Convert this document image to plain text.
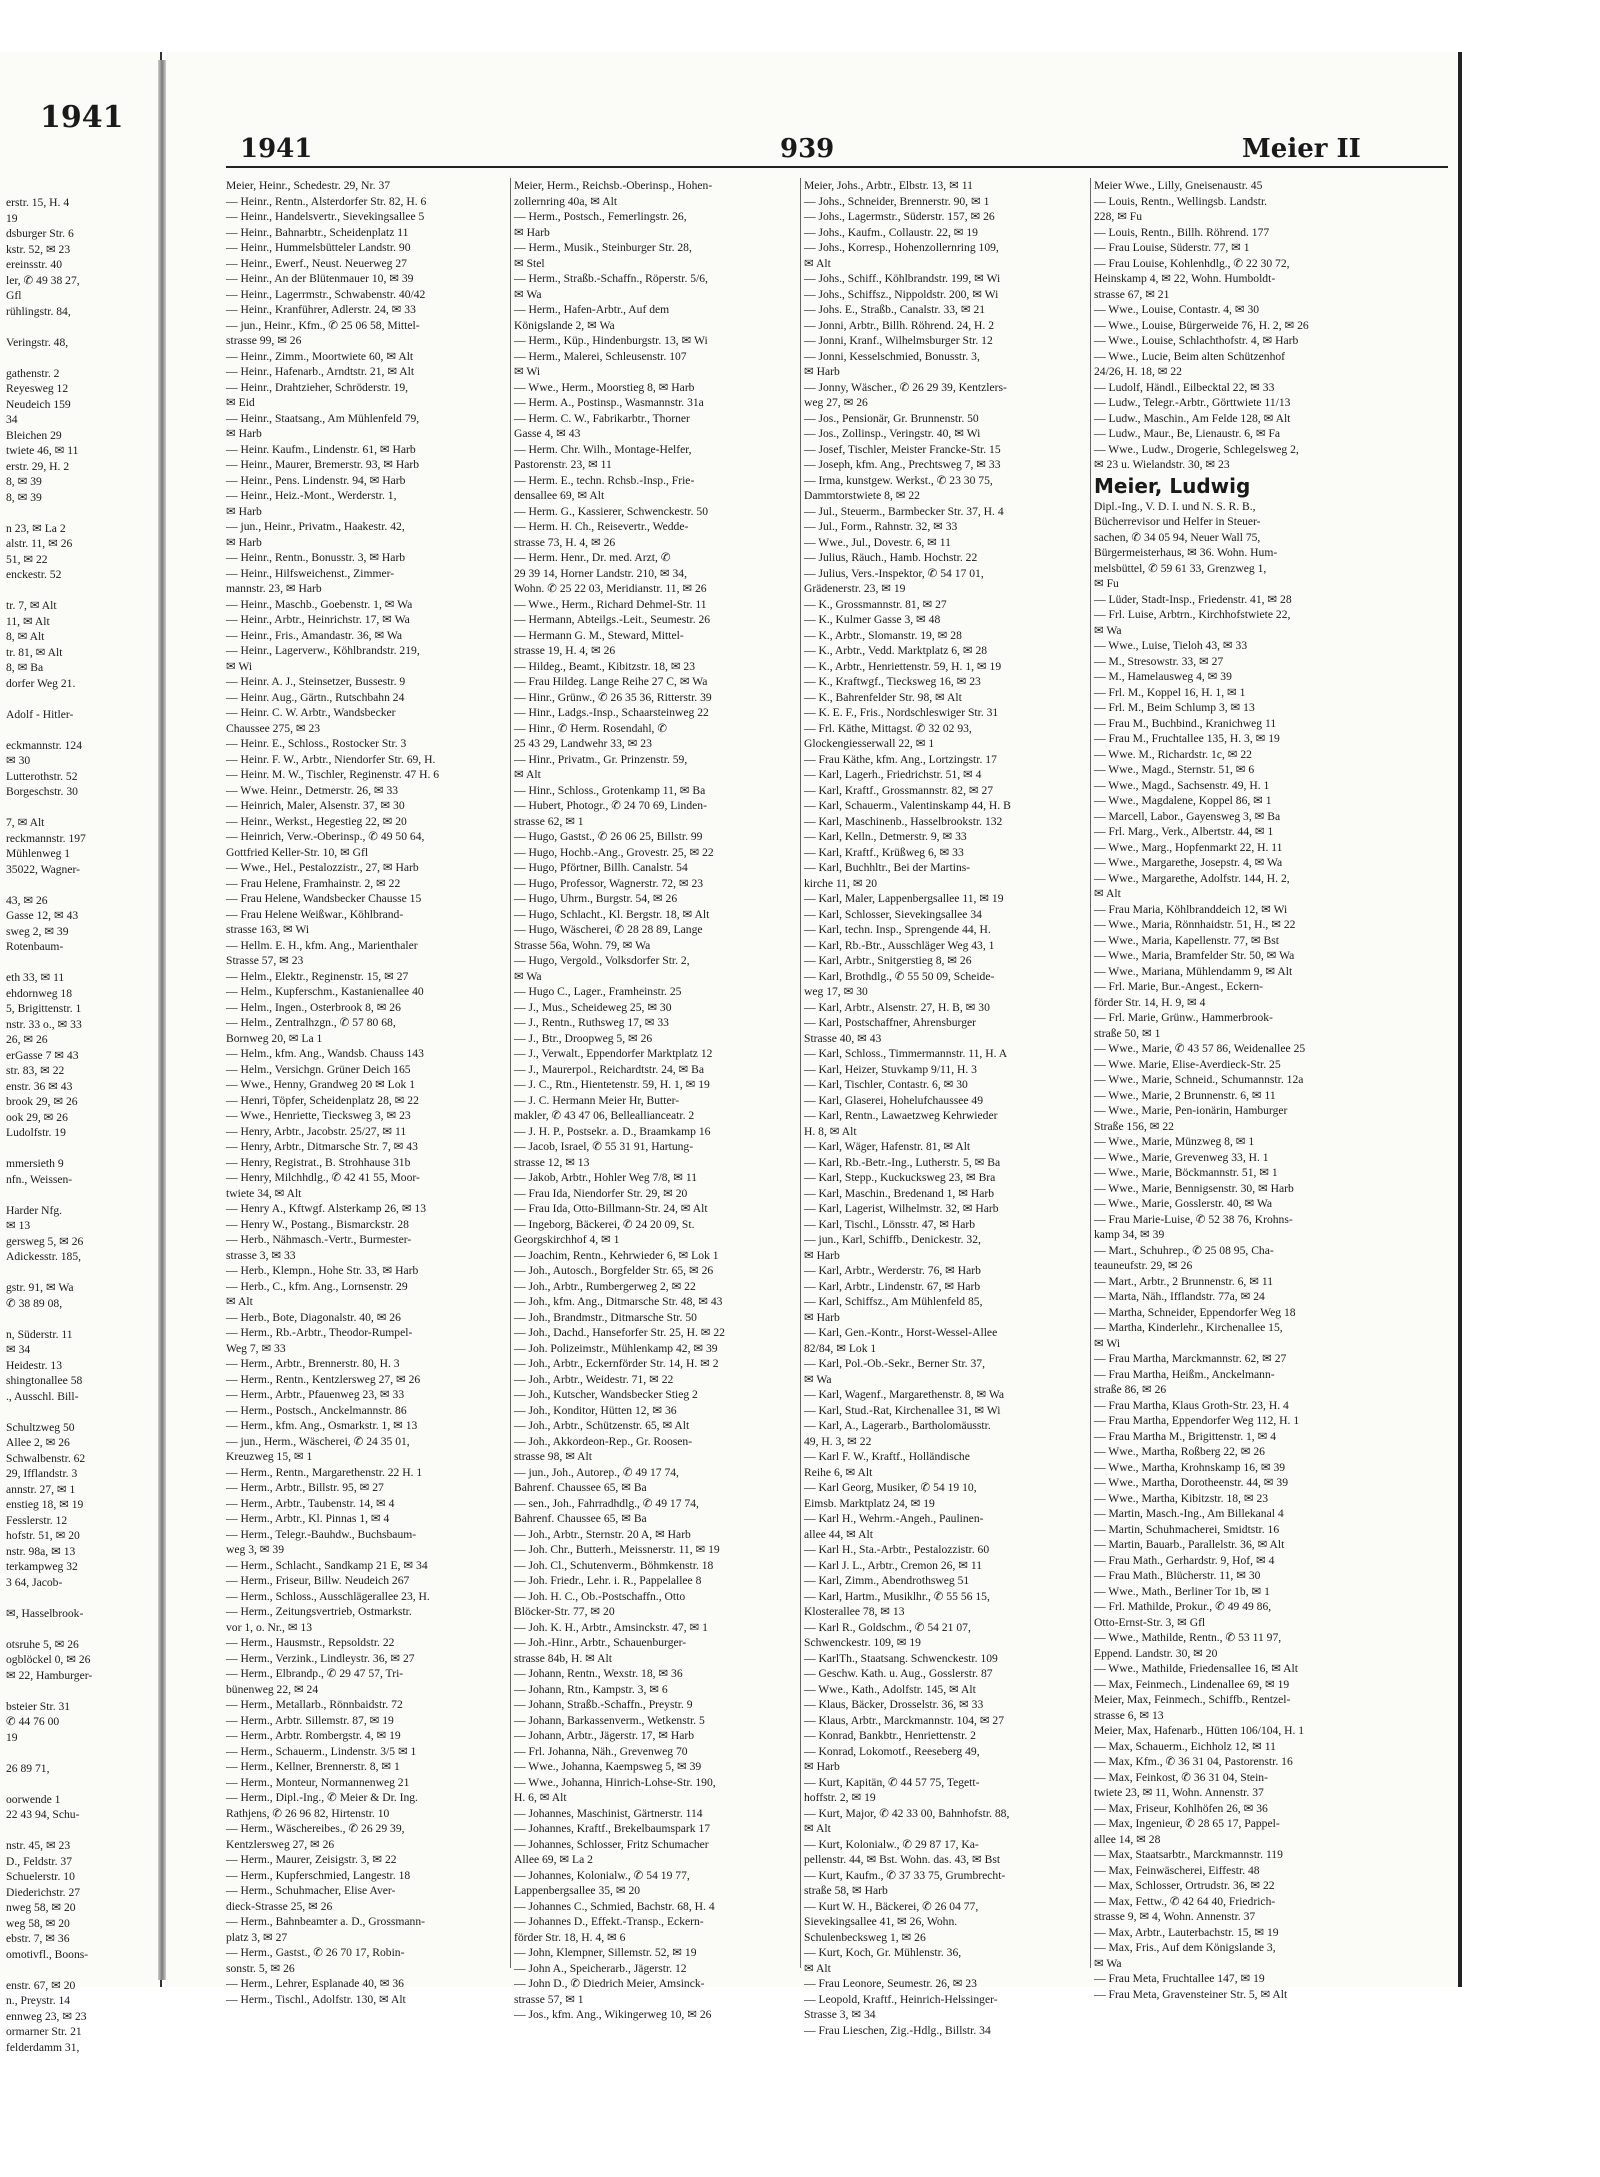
1941
erstr. 15, H. 4
19
dsburger Str. 6
kstr. 52, ✉ 23
ereinsstr. 40
ler, ✆ 49 38 27,
Gfl
rühlingstr. 84,

Veringstr. 48,

gathenstr. 2
Reyesweg 12
Neudeich 159
34
Bleichen 29
twiete 46, ✉ 11
erstr. 29, H. 2
8, ✉ 39
8, ✉ 39

n 23, ✉ La 2
alstr. 11, ✉ 26
51, ✉ 22
enckestr. 52

tr. 7, ✉ Alt
11, ✉ Alt
8, ✉ Alt
tr. 81, ✉ Alt
8, ✉ Ba
dorfer Weg 21.

Adolf - Hitler-

eckmannstr. 124
✉ 30
Lutterothstr. 52
Borgeschstr. 30

7, ✉ Alt
reckmannstr. 197
Mühlenweg 1
35022, Wagner-

43, ✉ 26
Gasse 12, ✉ 43
sweg 2, ✉ 39
Rotenbaum-

eth 33, ✉ 11
ehdornweg 18
5, Brigittenstr. 1
nstr. 33 o., ✉ 33
26, ✉ 26
erGasse 7 ✉ 43
str. 83, ✉ 22
enstr. 36 ✉ 43
brook 29, ✉ 26
ook 29, ✉ 26
Ludolfstr. 19

mmersieth 9
nfn., Weissen-

Harder Nfg.
✉ 13
gersweg 5, ✉ 26
Adickesstr. 185,

gstr. 91, ✉ Wa
✆ 38 89 08,

n, Süderstr. 11
✉ 34
Heidestr. 13
shingtonallee 58
., Ausschl. Bill-

Schultzweg 50
Allee 2, ✉ 26
Schwalbenstr. 62
29, Ifflandstr. 3
annstr. 27, ✉ 1
enstieg 18, ✉ 19
Fesslerstr. 12
hofstr. 51, ✉ 20
nstr. 98a, ✉ 13
terkampweg 32
3 64, Jacob-

✉, Hasselbrook-

otsruhe 5, ✉ 26
ogblöckel 0, ✉ 26
✉ 22, Hamburger-

bsteier Str. 31
✆ 44 76 00
19

26 89 71,

oorwende 1
22 43 94, Schu-

nstr. 45, ✉ 23
D., Feldstr. 37
Schuelerstr. 10
Diederichstr. 27
nweg 58, ✉ 20
weg 58, ✉ 20
ebstr. 7, ✉ 36
omotivfl., Boons-

enstr. 67, ✉ 20
n., Preystr. 14
ennweg 23, ✉ 23
ormarner Str. 21
felderdamm 31,
1941	939	Meier II
Meier, Heinr., Schedestr. 29, Nr. 37
— Heinr., Rentn., Alsterdorfer Str. 82, H. 6
— Heinr., Handelsvertr., Sievekingsallee 5
— Heinr., Bahnarbtr., Scheidenplatz 11
— Heinr., Hummelsbütteler Landstr. 90
— Heinr., Ewerf., Neust. Neuerweg 27
— Heinr., An der Blütenmauer 10, ✉ 39
— Heinr., Lagerrmstr., Schwabenstr. 40/42
— Heinr., Kranführer, Adlerstr. 24, ✉ 33
— jun., Heinr., Kfm., ✆ 25 06 58, Mittel-
strasse 99, ✉ 26
— Heinr., Zimm., Moortwiete 60, ✉ Alt
— Heinr., Hafenarb., Arndtstr. 21, ✉ Alt
— Heinr., Drahtzieher, Schröderstr. 19,
✉ Eid
— Heinr., Staatsang., Am Mühlenfeld 79,
✉ Harb
— Heinr. Kaufm., Lindenstr. 61, ✉ Harb
— Heinr., Maurer, Bremerstr. 93, ✉ Harb
— Heinr., Pens. Lindenstr. 94, ✉ Harb
— Heinr., Heiz.-Mont., Werderstr. 1,
✉ Harb
— jun., Heinr., Privatm., Haakestr. 42,
✉ Harb
— Heinr., Rentn., Bonusstr. 3, ✉ Harb
— Heinr., Hilfsweichenst., Zimmer-
mannstr. 23, ✉ Harb
— Heinr., Maschb., Goebenstr. 1, ✉ Wa
— Heinr., Arbtr., Heinrichstr. 17, ✉ Wa
— Heinr., Fris., Amandastr. 36, ✉ Wa
— Heinr., Lagerverw., Köhlbrandstr. 219,
✉ Wi
— Heinr. A. J., Steinsetzer, Bussestr. 9
— Heinr. Aug., Gärtn., Rutschbahn 24
— Heinr. C. W. Arbtr., Wandsbecker
Chaussee 275, ✉ 23
— Heinr. E., Schloss., Rostocker Str. 3
— Heinr. F. W., Arbtr., Niendorfer Str. 69, H.
— Heinr. M. W., Tischler, Reginenstr. 47 H. 6
— Wwe. Heinr., Detmerstr. 26, ✉ 33
— Heinrich, Maler, Alsenstr. 37, ✉ 30
— Heinr., Werkst., Hegestieg 22, ✉ 20
— Heinrich, Verw.-Oberinsp., ✆ 49 50 64,
Gottfried Keller-Str. 10, ✉ Gfl
— Wwe., Hel., Pestalozzistr., 27, ✉ Harb
— Frau Helene, Framhainstr. 2, ✉ 22
— Frau Helene, Wandsbecker Chausse 15
— Frau Helene Weißwar., Köhlbrand-
strasse 163, ✉ Wi
— Hellm. E. H., kfm. Ang., Marienthaler
Strasse 57, ✉ 23
— Helm., Elektr., Reginenstr. 15, ✉ 27
— Helm., Kupferschm., Kastanienallee 40
— Helm., Ingen., Osterbrook 8, ✉ 26
— Helm., Zentralhzgn., ✆ 57 80 68,
Bornweg 20, ✉ La 1
— Helm., kfm. Ang., Wandsb. Chauss 143
— Helm., Versichgn. Grüner Deich 165
— Wwe., Henny, Grandweg 20 ✉ Lok 1
— Henri, Töpfer, Scheidenplatz 28, ✉ 22
— Wwe., Henriette, Tiecksweg 3, ✉ 23
— Henry, Arbtr., Jacobstr. 25/27, ✉ 11
— Henry, Arbtr., Ditmarsche Str. 7, ✉ 43
— Henry, Registrat., B. Strohhause 31b
— Henry, Milchhdlg., ✆ 42 41 55, Moor-
twiete 34, ✉ Alt
— Henry A., Kftwgf. Alsterkamp 26, ✉ 13
— Henry W., Postang., Bismarckstr. 28
— Herb., Nähmasch.-Vertr., Burmester-
strasse 3, ✉ 33
— Herb., Klempn., Hohe Str. 33, ✉ Harb
— Herb., C., kfm. Ang., Lornsenstr. 29
✉ Alt
— Herb., Bote, Diagonalstr. 40, ✉ 26
— Herm., Rb.-Arbtr., Theodor-Rumpel-
Weg 7, ✉ 33
— Herm., Arbtr., Brennerstr. 80, H. 3
— Herm., Rentn., Kentzlersweg 27, ✉ 26
— Herm., Arbtr., Pfauenweg 23, ✉ 33
— Herm., Postsch., Anckelmannstr. 86
— Herm., kfm. Ang., Osmarkstr. 1, ✉ 13
— jun., Herm., Wäscherei, ✆ 24 35 01,
Kreuzweg 15, ✉ 1
— Herm., Rentn., Margarethenstr. 22 H. 1
— Herm., Arbtr., Billstr. 95, ✉ 27
— Herm., Arbtr., Taubenstr. 14, ✉ 4
— Herm., Arbtr., Kl. Pinnas 1, ✉ 4
— Herm., Telegr.-Bauhdw., Buchsbaum-
weg 3, ✉ 39
— Herm., Schlacht., Sandkamp 21 E, ✉ 34
— Herm., Friseur, Billw. Neudeich 267
— Herm., Schloss., Ausschlägerallee 23, H.
— Herm., Zeitungsvertrieb, Ostmarkstr.
vor 1, o. Nr., ✉ 13
— Herm., Hausmstr., Repsoldstr. 22
— Herm., Verzink., Lindleystr. 36, ✉ 27
— Herm., Elbrandp., ✆ 29 47 57, Tri-
bünenweg 22, ✉ 24
— Herm., Metallarb., Rönnbaidstr. 72
— Herm., Arbtr. Sillemstr. 87, ✉ 19
— Herm., Arbtr. Rombergstr. 4, ✉ 19
— Herm., Schauerm., Lindenstr. 3/5 ✉ 1
— Herm., Kellner, Brennerstr. 8, ✉ 1
— Herm., Monteur, Normannenweg 21
— Herm., Dipl.-Ing., ✆ Meier & Dr. Ing.
Rathjens, ✆ 26 96 82, Hirtenstr. 10
— Herm., Wäschereibes., ✆ 26 29 39,
Kentzlersweg 27, ✉ 26
— Herm., Maurer, Zeisigstr. 3, ✉ 22
— Herm., Kupferschmied, Langestr. 18
— Herm., Schuhmacher, Elise Aver-
dieck-Strasse 25, ✉ 26
— Herm., Bahnbeamter a. D., Grossmann-
platz 3, ✉ 27
— Herm., Gastst., ✆ 26 70 17, Robin-
sonstr. 5, ✉ 26
— Herm., Lehrer, Esplanade 40, ✉ 36
— Herm., Tischl., Adolfstr. 130, ✉ Alt
Meier, Herm., Reichsb.-Oberinsp., Hohen-
zollernring 40a, ✉ Alt
— Herm., Postsch., Femerlingstr. 26,
✉ Harb
— Herm., Musik., Steinburger Str. 28,
✉ Stel
— Herm., Straßb.-Schaffn., Röperstr. 5/6,
✉ Wa
— Herm., Hafen-Arbtr., Auf dem
Königslande 2, ✉ Wa
— Herm., Küp., Hindenburgstr. 13, ✉ Wi
— Herm., Malerei, Schleusenstr. 107
✉ Wi
— Wwe., Herm., Moorstieg 8, ✉ Harb
— Herm. A., Postinsp., Wasmannstr. 31a
— Herm. C. W., Fabrikarbtr., Thorner
Gasse 4, ✉ 43
— Herm. Chr. Wilh., Montage-Helfer,
Pastorenstr. 23, ✉ 11
— Herm. E., techn. Rchsb.-Insp., Frie-
densallee 69, ✉ Alt
— Herm. G., Kassierer, Schwenckestr. 50
— Herm. H. Ch., Reisevertr., Wedde-
strasse 73, H. 4, ✉ 26
— Herm. Henr., Dr. med. Arzt, ✆
29 39 14, Horner Landstr. 210, ✉ 34,
Wohn. ✆ 25 22 03, Meridianstr. 11, ✉ 26
— Wwe., Herm., Richard Dehmel-Str. 11
— Hermann, Abteilgs.-Leit., Seumestr. 26
— Hermann G. M., Steward, Mittel-
strasse 19, H. 4, ✉ 26
— Hildeg., Beamt., Kibitzstr. 18, ✉ 23
— Frau Hildeg. Lange Reihe 27 C, ✉ Wa
— Hinr., Grünw., ✆ 26 35 36, Ritterstr. 39
— Hinr., Ladgs.-Insp., Schaarsteinweg 22
— Hinr., ✆ Herm. Rosendahl, ✆
25 43 29, Landwehr 33, ✉ 23
— Hinr., Privatm., Gr. Prinzenstr. 59,
✉ Alt
— Hinr., Schloss., Grotenkamp 11, ✉ Ba
— Hubert, Photogr., ✆ 24 70 69, Linden-
strasse 62, ✉ 1
— Hugo, Gastst., ✆ 26 06 25, Billstr. 99
— Hugo, Hochb.-Ang., Grovestr. 25, ✉ 22
— Hugo, Pförtner, Billh. Canalstr. 54
— Hugo, Professor, Wagnerstr. 72, ✉ 23
— Hugo, Uhrm., Burgstr. 54, ✉ 26
— Hugo, Schlacht., Kl. Bergstr. 18, ✉ Alt
— Hugo, Wäscherei, ✆ 28 28 89, Lange
Strasse 56a, Wohn. 79, ✉ Wa
— Hugo, Vergold., Volksdorfer Str. 2,
✉ Wa
— Hugo C., Lager., Framheinstr. 25
— J., Mus., Scheideweg 25, ✉ 30
— J., Rentn., Ruthsweg 17, ✉ 33
— J., Btr., Droopweg 5, ✉ 26
— J., Verwalt., Eppendorfer Marktplatz 12
— J., Maurerpol., Reichardtstr. 24, ✉ Ba
— J. C., Rtn., Hientetenstr. 59, H. 1, ✉ 19
— J. C. Hermann Meier Hr, Butter-
makler, ✆ 43 47 06, Belleallianceatr. 2
— J. H. P., Postsekr. a. D., Braamkamp 16
— Jacob, Israel, ✆ 55 31 91, Hartung-
strasse 12, ✉ 13
— Jakob, Arbtr., Hohler Weg 7/8, ✉ 11
— Frau Ida, Niendorfer Str. 29, ✉ 20
— Frau Ida, Otto-Billmann-Str. 24, ✉ Alt
— Ingeborg, Bäckerei, ✆ 24 20 09, St.
Georgskirchhof 4, ✉ 1
— Joachim, Rentn., Kehrwieder 6, ✉ Lok 1
— Joh., Autosch., Borgfelder Str. 65, ✉ 26
— Joh., Arbtr., Rumbergerweg 2, ✉ 22
— Joh., kfm. Ang., Ditmarsche Str. 48, ✉ 43
— Joh., Brandmstr., Ditmarsche Str. 50
— Joh., Dachd., Hanseforfer Str. 25, H. ✉ 22
— Joh. Polizeimstr., Mühlenkamp 42, ✉ 39
— Joh., Arbtr., Eckernförder Str. 14, H. ✉ 2
— Joh., Arbtr., Weidestr. 71, ✉ 22
— Joh., Kutscher, Wandsbecker Stieg 2
— Joh., Konditor, Hütten 12, ✉ 36
— Joh., Arbtr., Schützenstr. 65, ✉ Alt
— Joh., Akkordeon-Rep., Gr. Roosen-
strasse 98, ✉ Alt
— jun., Joh., Autorep., ✆ 49 17 74,
Bahrenf. Chaussee 65, ✉ Ba
— sen., Joh., Fahrradhdlg., ✆ 49 17 74,
Bahrenf. Chaussee 65, ✉ Ba
— Joh., Arbtr., Sternstr. 20 A, ✉ Harb
— Joh. Chr., Butterh., Meissnerstr. 11, ✉ 19
— Joh. Cl., Schutenverm., Böhmkenstr. 18
— Joh. Friedr., Lehr. i. R., Pappelallee 8
— Joh. H. C., Ob.-Postschaffn., Otto
Blöcker-Str. 77, ✉ 20
— Joh. K. H., Arbtr., Amsinckstr. 47, ✉ 1
— Joh.-Hinr., Arbtr., Schauenburger-
strasse 84b, H. ✉ Alt
— Johann, Rentn., Wexstr. 18, ✉ 36
— Johann, Rtn., Kampstr. 3, ✉ 6
— Johann, Straßb.-Schaffn., Preystr. 9
— Johann, Barkassenverm., Wetkenstr. 5
— Johann, Arbtr., Jägerstr. 17, ✉ Harb
— Frl. Johanna, Näh., Grevenweg 70
— Wwe., Johanna, Kaempsweg 5, ✉ 39
— Wwe., Johanna, Hinrich-Lohse-Str. 190,
H. 6, ✉ Alt
— Johannes, Maschinist, Gärtnerstr. 114
— Johannes, Kraftf., Brekelbaumspark 17
— Johannes, Schlosser, Fritz Schumacher
Allee 69, ✉ La 2
— Johannes, Kolonialw., ✆ 54 19 77,
Lappenbergsallee 35, ✉ 20
— Johannes C., Schmied, Bachstr. 68, H. 4
— Johannes D., Effekt.-Transp., Eckern-
förder Str. 18, H. 4, ✉ 6
— John, Klempner, Sillemstr. 52, ✉ 19
— John A., Speicherarb., Jägerstr. 12
— John D., ✆ Diedrich Meier, Amsinck-
strasse 57, ✉ 1
— Jos., kfm. Ang., Wikingerweg 10, ✉ 26
Meier, Johs., Arbtr., Elbstr. 13, ✉ 11
— Johs., Schneider, Brennerstr. 90, ✉ 1
— Johs., Lagermstr., Süderstr. 157, ✉ 26
— Johs., Kaufm., Collaustr. 22, ✉ 19
— Johs., Korresp., Hohenzollernring 109,
✉ Alt
— Johs., Schiff., Köhlbrandstr. 199, ✉ Wi
— Johs., Schiffsz., Nippoldstr. 200, ✉ Wi
— Johs. E., Straßb., Canalstr. 33, ✉ 21
— Jonni, Arbtr., Billh. Röhrend. 24, H. 2
— Jonni, Kranf., Wilhelmsburger Str. 12
— Jonni, Kesselschmied, Bonusstr. 3,
✉ Harb
— Jonny, Wäscher., ✆ 26 29 39, Kentzlers-
weg 27, ✉ 26
— Jos., Pensionär, Gr. Brunnenstr. 50
— Jos., Zollinsp., Veringstr. 40, ✉ Wi
— Josef, Tischler, Meister Francke-Str. 15
— Joseph, kfm. Ang., Prechtsweg 7, ✉ 33
— Irma, kunstgew. Werkst., ✆ 23 30 75,
Dammtorstwiete 8, ✉ 22
— Jul., Steuerm., Barmbecker Str. 37, H. 4
— Jul., Form., Rahnstr. 32, ✉ 33
— Wwe., Jul., Dovestr. 6, ✉ 11
— Julius, Räuch., Hamb. Hochstr. 22
— Julius, Vers.-Inspektor, ✆ 54 17 01,
Grädenerstr. 23, ✉ 19
— K., Grossmannstr. 81, ✉ 27
— K., Kulmer Gasse 3, ✉ 48
— K., Arbtr., Slomanstr. 19, ✉ 28
— K., Arbtr., Vedd. Marktplatz 6, ✉ 28
— K., Arbtr., Henriettenstr. 59, H. 1, ✉ 19
— K., Kraftwgf., Tiecksweg 16, ✉ 23
— K., Bahrenfelder Str. 98, ✉ Alt
— K. E. F., Fris., Nordschleswiger Str. 31
— Frl. Käthe, Mittagst. ✆ 32 02 93,
Glockengiesserwall 22, ✉ 1
— Frau Käthe, kfm. Ang., Lortzingstr. 17
— Karl, Lagerh., Friedrichstr. 51, ✉ 4
— Karl, Kraftf., Grossmannstr. 82, ✉ 27
— Karl, Schauerm., Valentinskamp 44, H. B
— Karl, Maschinenb., Hasselbrookstr. 132
— Karl, Kelln., Detmerstr. 9, ✉ 33
— Karl, Kraftf., Krüßweg 6, ✉ 33
— Karl, Buchhltr., Bei der Martins-
kirche 11, ✉ 20
— Karl, Maler, Lappenbergsallee 11, ✉ 19
— Karl, Schlosser, Sievekingsallee 34
— Karl, techn. Insp., Sprengende 44, H.
— Karl, Rb.-Btr., Ausschläger Weg 43, 1
— Karl, Arbtr., Snitgerstieg 8, ✉ 26
— Karl, Brothdlg., ✆ 55 50 09, Scheide-
weg 17, ✉ 30
— Karl, Arbtr., Alsenstr. 27, H. B, ✉ 30
— Karl, Postschaffner, Ahrensburger
Strasse 40, ✉ 43
— Karl, Schloss., Timmermannstr. 11, H. A
— Karl, Heizer, Stuvkamp 9/11, H. 3
— Karl, Tischler, Contastr. 6, ✉ 30
— Karl, Glaserei, Hohelufchaussee 49
— Karl, Rentn., Lawaetzweg Kehrwieder
H. 8, ✉ Alt
— Karl, Wäger, Hafenstr. 81, ✉ Alt
— Karl, Rb.-Betr.-Ing., Lutherstr. 5, ✉ Ba
— Karl, Stepp., Kuckucksweg 23, ✉ Bra
— Karl, Maschin., Bredenand 1, ✉ Harb
— Karl, Lagerist, Wilhelmstr. 32, ✉ Harb
— Karl, Tischl., Lönsstr. 47, ✉ Harb
— jun., Karl, Schiffb., Denickestr. 32,
✉ Harb
— Karl, Arbtr., Werderstr. 76, ✉ Harb
— Karl, Arbtr., Lindenstr. 67, ✉ Harb
— Karl, Schiffsz., Am Mühlenfeld 85,
✉ Harb
— Karl, Gen.-Kontr., Horst-Wessel-Allee
82/84, ✉ Lok 1
— Karl, Pol.-Ob.-Sekr., Berner Str. 37,
✉ Wa
— Karl, Wagenf., Margarethenstr. 8, ✉ Wa
— Karl, Stud.-Rat, Kirchenallee 31, ✉ Wi
— Karl, A., Lagerarb., Bartholomäusstr.
49, H. 3, ✉ 22
— Karl F. W., Kraftf., Holländische
Reihe 6, ✉ Alt
— Karl Georg, Musiker, ✆ 54 19 10,
Eimsb. Marktplatz 24, ✉ 19
— Karl H., Wehrm.-Angeh., Paulinen-
allee 44, ✉ Alt
— Karl H., Sta.-Arbtr., Pestalozzistr. 60
— Karl J. L., Arbtr., Cremon 26, ✉ 11
— Karl, Zimm., Abendrothsweg 51
— Karl, Hartm., Musiklhr., ✆ 55 56 15,
Klosterallee 78, ✉ 13
— Karl R., Goldschm., ✆ 54 21 07,
Schwenckestr. 109, ✉ 19
— KarlTh., Staatsang. Schwenckestr. 109
— Geschw. Kath. u. Aug., Gosslerstr. 87
— Wwe., Kath., Adolfstr. 145, ✉ Alt
— Klaus, Bäcker, Drosselstr. 36, ✉ 33
— Klaus, Arbtr., Marckmannstr. 104, ✉ 27
— Konrad, Bankbtr., Henriettenstr. 2
— Konrad, Lokomotf., Reeseberg 49,
✉ Harb
— Kurt, Kapitän, ✆ 44 57 75, Tegett-
hoffstr. 2, ✉ 19
— Kurt, Major, ✆ 42 33 00, Bahnhofstr. 88,
✉ Alt
— Kurt, Kolonialw., ✆ 29 87 17, Ka-
pellenstr. 44, ✉ Bst. Wohn. das. 43, ✉ Bst
— Kurt, Kaufm., ✆ 37 33 75, Grumbrecht-
straße 58, ✉ Harb
— Kurt W. H., Bäckerei, ✆ 26 04 77,
Sievekingsallee 41, ✉ 26, Wohn.
Schulenbecksweg 1, ✉ 26
— Kurt, Koch, Gr. Mühlenstr. 36,
✉ Alt
— Frau Leonore, Seumestr. 26, ✉ 23
— Leopold, Kraftf., Heinrich-Helssinger-
Strasse 3, ✉ 34
— Frau Lieschen, Zig.-Hdlg., Billstr. 34
Meier Wwe., Lilly, Gneisenaustr. 45
— Louis, Rentn., Wellingsb. Landstr.
228, ✉ Fu
— Louis, Rentn., Billh. Röhrend. 177
— Frau Louise, Süderstr. 77, ✉ 1
— Frau Louise, Kohlenhdlg., ✆ 22 30 72,
Heinskamp 4, ✉ 22, Wohn. Humboldt-
strasse 67, ✉ 21
— Wwe., Louise, Contastr. 4, ✉ 30
— Wwe., Louise, Bürgerweide 76, H. 2, ✉ 26
— Wwe., Louise, Schlachthofstr. 4, ✉ Harb
— Wwe., Lucie, Beim alten Schützenhof
24/26, H. 18, ✉ 22
— Ludolf, Händl., Eilbecktal 22, ✉ 33
— Ludw., Telegr.-Arbtr., Görttwiete 11/13
— Ludw., Maschin., Am Felde 128, ✉ Alt
— Ludw., Maur., Be, Lienaustr. 6, ✉ Fa
— Wwe., Ludw., Drogerie, Schlegelsweg 2,
✉ 23 u. Wielandstr. 30, ✉ 23
Meier, Ludwig
Dipl.-Ing., V. D. I. und N. S. R. B.,
Bücherrevisor und Helfer in Steuer-
sachen, ✆ 34 05 94, Neuer Wall 75,
Bürgermeisterhaus, ✉ 36. Wohn. Hum-
melsbüttel, ✆ 59 61 33, Grenzweg 1,
✉ Fu
— Lüder, Stadt-Insp., Friedenstr. 41, ✉ 28
— Frl. Luise, Arbtrn., Kirchhofstwiete 22,
✉ Wa
— Wwe., Luise, Tieloh 43, ✉ 33
— M., Stresowstr. 33, ✉ 27
— M., Hamelausweg 4, ✉ 39
— Frl. M., Koppel 16, H. 1, ✉ 1
— Frl. M., Beim Schlump 3, ✉ 13
— Frau M., Buchbind., Kranichweg 11
— Frau M., Fruchtallee 135, H. 3, ✉ 19
— Wwe. M., Richardstr. 1c, ✉ 22
— Wwe., Magd., Sternstr. 51, ✉ 6
— Wwe., Magd., Sachsenstr. 49, H. 1
— Wwe., Magdalene, Koppel 86, ✉ 1
— Marcell, Labor., Gayensweg 3, ✉ Ba
— Frl. Marg., Verk., Albertstr. 44, ✉ 1
— Wwe., Marg., Hopfenmarkt 22, H. 11
— Wwe., Margarethe, Josepstr. 4, ✉ Wa
— Wwe., Margarethe, Adolfstr. 144, H. 2,
✉ Alt
— Frau Maria, Köhlbranddeich 12, ✉ Wi
— Wwe., Maria, Rönnhaidstr. 51, H., ✉ 22
— Wwe., Maria, Kapellenstr. 77, ✉ Bst
— Wwe., Maria, Bramfelder Str. 50, ✉ Wa
— Wwe., Mariana, Mühlendamm 9, ✉ Alt
— Frl. Marie, Bur.-Angest., Eckern-
förder Str. 14, H. 9, ✉ 4
— Frl. Marie, Grünw., Hammerbrook-
straße 50, ✉ 1
— Wwe., Marie, ✆ 43 57 86, Weidenallee 25
— Wwe. Marie, Elise-Averdieck-Str. 25
— Wwe., Marie, Schneid., Schumannstr. 12a
— Wwe., Marie, 2 Brunnenstr. 6, ✉ 11
— Wwe., Marie, Pen-ionärin, Hamburger
Straße 156, ✉ 22
— Wwe., Marie, Münzweg 8, ✉ 1
— Wwe., Marie, Grevenweg 33, H. 1
— Wwe., Marie, Böckmannstr. 51, ✉ 1
— Wwe., Marie, Bennigsenstr. 30, ✉ Harb
— Wwe., Marie, Gosslerstr. 40, ✉ Wa
— Frau Marie-Luise, ✆ 52 38 76, Krohns-
kamp 34, ✉ 39
— Mart., Schuhrep., ✆ 25 08 95, Cha-
teauneufstr. 29, ✉ 26
— Mart., Arbtr., 2 Brunnenstr. 6, ✉ 11
— Marta, Näh., Ifflandstr. 77a, ✉ 24
— Martha, Schneider, Eppendorfer Weg 18
— Martha, Kinderlehr., Kirchenallee 15,
✉ Wi
— Frau Martha, Marckmannstr. 62, ✉ 27
— Frau Martha, Heißm., Anckelmann-
straße 86, ✉ 26
— Frau Martha, Klaus Groth-Str. 23, H. 4
— Frau Martha, Eppendorfer Weg 112, H. 1
— Frau Martha M., Brigittenstr. 1, ✉ 4
— Wwe., Martha, Roßberg 22, ✉ 26
— Wwe., Martha, Krohnskamp 16, ✉ 39
— Wwe., Martha, Dorotheenstr. 44, ✉ 39
— Wwe., Martha, Kibitzstr. 18, ✉ 23
— Martin, Masch.-Ing., Am Billekanal 4
— Martin, Schuhmacherei, Smidtstr. 16
— Martin, Bauarb., Parallelstr. 36, ✉ Alt
— Frau Math., Gerhardstr. 9, Hof, ✉ 4
— Frau Math., Blücherstr. 11, ✉ 30
— Wwe., Math., Berliner Tor 1b, ✉ 1
— Frl. Mathilde, Prokur., ✆ 49 49 86,
Otto-Ernst-Str. 3, ✉ Gfl
— Wwe., Mathilde, Rentn., ✆ 53 11 97,
Eppend. Landstr. 30, ✉ 20
— Wwe., Mathilde, Friedensallee 16, ✉ Alt
— Max, Feinmech., Lindenallee 69, ✉ 19
Meier, Max, Feinmech., Schiffb., Rentzel-
strasse 6, ✉ 13
Meier, Max, Hafenarb., Hütten 106/104, H. 1
— Max, Schauerm., Eichholz 12, ✉ 11
— Max, Kfm., ✆ 36 31 04, Pastorenstr. 16
— Max, Feinkost, ✆ 36 31 04, Stein-
twiete 23, ✉ 11, Wohn. Annenstr. 37
— Max, Friseur, Kohlhöfen 26, ✉ 36
— Max, Ingenieur, ✆ 28 65 17, Pappel-
allee 14, ✉ 28
— Max, Staatsarbtr., Marckmannstr. 119
— Max, Feinwäscherei, Eiffestr. 48
— Max, Schlosser, Ortrudstr. 36, ✉ 22
— Max, Fettw., ✆ 42 64 40, Friedrich-
strasse 9, ✉ 4, Wohn. Annenstr. 37
— Max, Arbtr., Lauterbachstr. 15, ✉ 19
— Max, Fris., Auf dem Königslande 3,
✉ Wa
— Frau Meta, Fruchtallee 147, ✉ 19
— Frau Meta, Gravensteiner Str. 5, ✉ Alt
